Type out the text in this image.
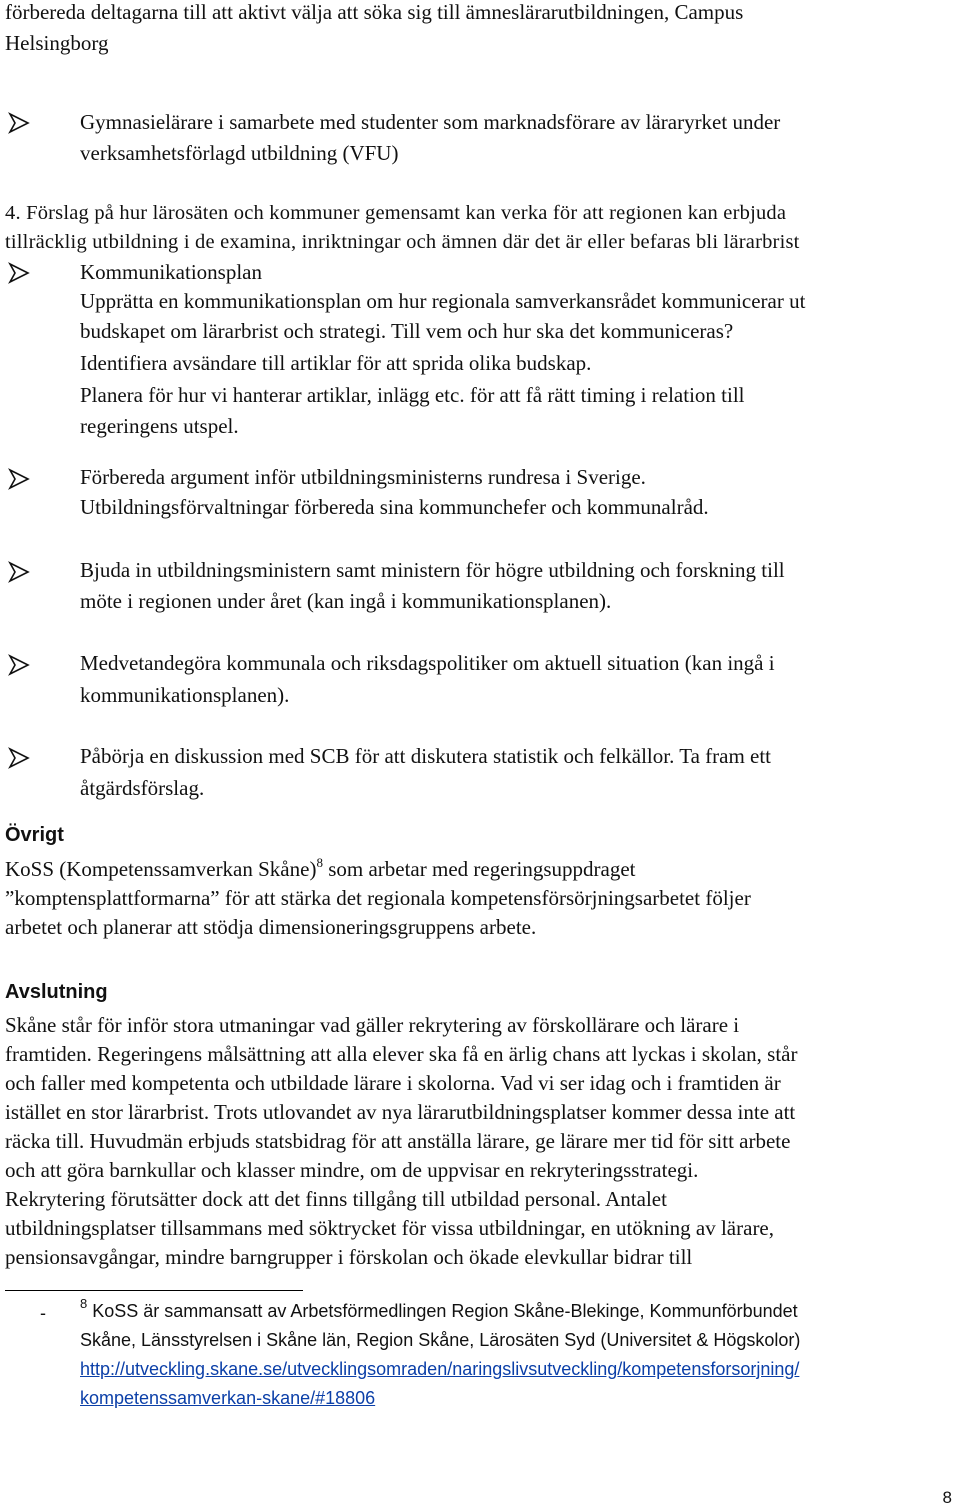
förbereda deltagarna till att aktivt välja att söka sig till ämneslärarutbildningen, Campus
Helsingborg
Gymnasielärare i samarbete med studenter som marknadsförare av läraryrket under
verksamhetsförlagd utbildning (VFU)
4. Förslag på hur lärosäten och kommuner gemensamt kan verka för att regionen kan erbjuda
tillräcklig utbildning i de examina, inriktningar och ämnen där det är eller befaras bli lärarbrist
Kommunikationsplan
Upprätta en kommunikationsplan om hur regionala samverkansrådet kommunicerar ut
budskapet om lärarbrist och strategi. Till vem och hur ska det kommuniceras?
Identifiera avsändare till artiklar för att sprida olika budskap.
Planera för hur vi hanterar artiklar, inlägg etc. för att få rätt timing i relation till
regeringens utspel.
Förbereda argument inför utbildningsministerns rundresa i Sverige.
Utbildningsförvaltningar förbereda sina kommunchefer och kommunalråd.
Bjuda in utbildningsministern samt ministern för högre utbildning och forskning till
möte i regionen under året (kan ingå i kommunikationsplanen).
Medvetandegöra kommunala och riksdagspolitiker om aktuell situation (kan ingå i
kommunikationsplanen).
Påbörja en diskussion med SCB för att diskutera statistik och felkällor. Ta fram ett
åtgärdsförslag.
Övrigt
KoSS (Kompetenssamverkan Skåne)$^8$ som arbetar med regeringsuppdraget
”komptensplattformarna” för att stärka det regionala kompetensförsörjningsarbetet följer
arbetet och planerar att stödja dimensioneringsgruppens arbete.
Avslutning
Skåne står för inför stora utmaningar vad gäller rekrytering av förskollärare och lärare i
framtiden. Regeringens målsättning att alla elever ska få en ärlig chans att lyckas i skolan, står
och faller med kompetenta och utbildade lärare i skolorna. Vad vi ser idag och i framtiden är
istället en stor lärarbrist. Trots utlovandet av nya lärarutbildningsplatser kommer dessa inte att
räcka till. Huvudmän erbjuds statsbidrag för att anställa lärare, ge lärare mer tid för sitt arbete
och att göra barnkullar och klasser mindre, om de uppvisar en rekryteringsstrategi.
Rekrytering förutsätter dock att det finns tillgång till utbildad personal. Antalet
utbildningsplatser tillsammans med söktrycket för vissa utbildningar, en utökning av lärare,
pensionsavgångar, mindre barngrupper i förskolan och ökade elevkullar bidrar till
-	$^8$ KoSS är sammansatt av Arbetsförmedlingen Region Skåne-Blekinge, Kommunförbundet
Skåne, Länsstyrelsen i Skåne län, Region Skåne, Lärosäten Syd (Universitet & Högskolor)
http://utveckling.skane.se/utvecklingsomraden/naringslivsutveckling/kompetensforsorjning/
kompetenssamverkan-skane/#18806
8
